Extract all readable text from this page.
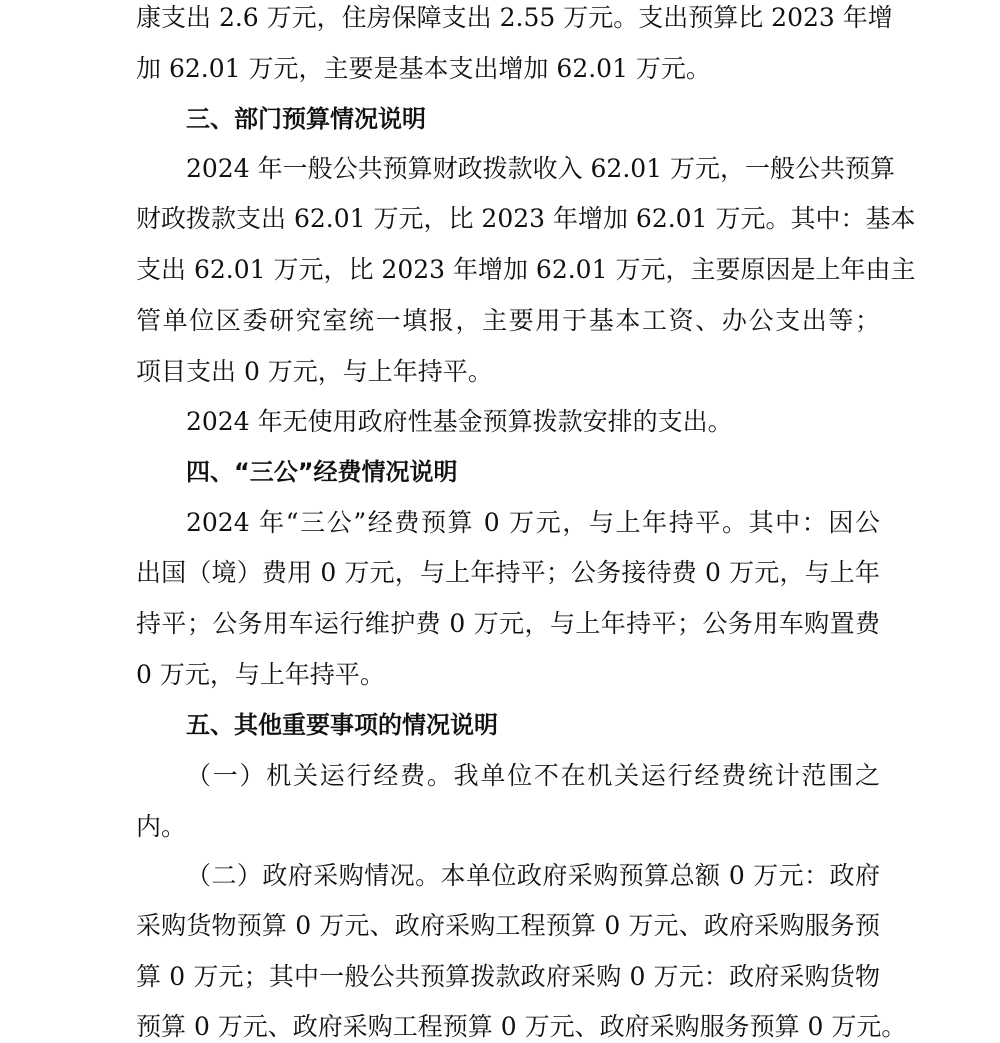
康支出 2.6 万元，住房保障支出 2.55 万元。支出预算比 2023 年增
加 62.01 万元，主要是基本支出增加 62.01 万元。
三、部门预算情况说明
2024 年一般公共预算财政拨款收入 62.01 万元，一般公共预算
财政拨款支出 62.01 万元，比 2023 年增加 62.01 万元。其中：基本
支出 62.01 万元，比 2023 年增加 62.01 万元，主要原因是上年由主
管单位区委研究室统一填报，主要用于基本工资、办公支出等；
项目支出 0 万元，与上年持平。
2024 年无使用政府性基金预算拨款安排的支出。
四、“三公”经费情况说明
2024 年“三公”经费预算 0 万元，与上年持平。其中：因公
出国（境）费用 0 万元，与上年持平；公务接待费 0 万元，与上年
持平；公务用车运行维护费 0 万元，与上年持平；公务用车购置费
0 万元，与上年持平。
五、其他重要事项的情况说明
（一）机关运行经费。我单位不在机关运行经费统计范围之
内。
（二）政府采购情况。本单位政府采购预算总额 0 万元：政府
采购货物预算 0 万元、政府采购工程预算 0 万元、政府采购服务预
算 0 万元；其中一般公共预算拨款政府采购 0 万元：政府采购货物
预算 0 万元、政府采购工程预算 0 万元、政府采购服务预算 0 万元。
